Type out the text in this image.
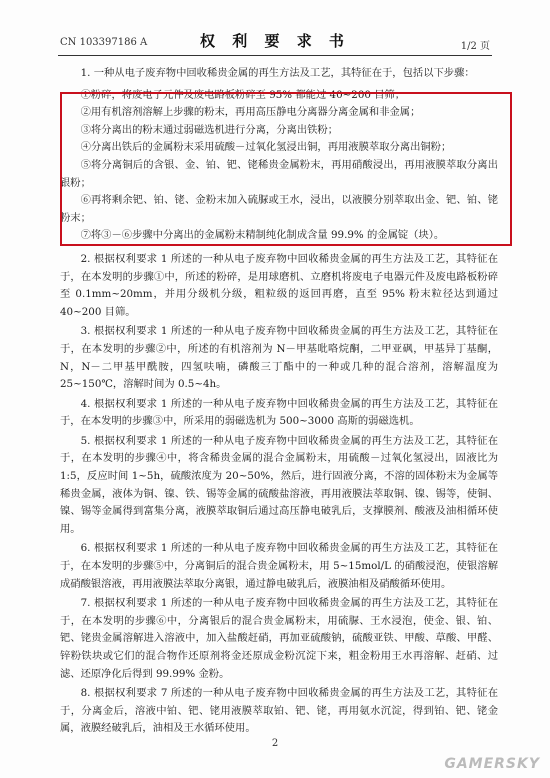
CN 103397186 A	权 利 要 求 书	1/2 页

1. 一种从电子废弃物中回收稀贵金属的再生方法及工艺，其特征在于，包括以下步骤：

①粉碎，将废电子元件及废电路板粉碎至 95% 都能过 40~200 目筛；

②用有机溶剂溶解上步骤的粉末，再用高压静电分离器分离金属和非金属；

③将分离出的粉末通过弱磁选机进行分离，分离出铁粉；

④分离出铁后的金属粉末采用硫酸－过氧化氢浸出铜，再用液膜萃取分离出铜粉；

⑤将分离铜后的含银、金、铂、钯、铑稀贵金属粉末，再用硝酸浸出，再用液膜萃取分离出银粉；

⑥再将剩余钯、铂、铑、金粉末加入硫脲或王水，浸出，以液膜分别萃取出金、钯、铂、铑粉末；

⑦将③－⑥步骤中分离出的金属粉末精制纯化制成含量 99.9% 的金属锭（块）。

2. 根据权利要求 1 所述的一种从电子废弃物中回收稀贵金属的再生方法及工艺，其特征在于，在本发明的步骤①中，所述的粉碎，是用球磨机、立磨机将废电子电器元件及废电路板粉碎至 0.1mm~20mm，并用分级机分级，粗粒级的返回再磨，直至 95% 粉末粒径达到通过 40~200 目筛。

3. 根据权利要求 1 所述的一种从电子废弃物中回收稀贵金属的再生方法及工艺，其特征在于，在本发明的步骤②中，所述的有机溶剂为 N－甲基吡咯烷酮，二甲亚砜，甲基异丁基酮，N，N－二甲基甲酰胺，四氢呋喃，磷酸三丁酯中的一种或几种的混合溶剂，溶解温度为 25~150℃，溶解时间为 0.5~4h。

4. 根据权利要求 1 所述的一种从电子废弃物中回收稀贵金属的再生方法及工艺，其特征在于，在本发明的步骤③中，所采用的弱磁选机为 500~3000 高斯的弱磁选机。

5. 根据权利要求 1 所述的一种从电子废弃物中回收稀贵金属的再生方法及工艺，其特征在于，在本发明的步骤④中，将含稀贵金属的混合金属粉末，用硫酸－过氧化氢浸出，固液比为 1:5，反应时间 1~5h，硫酸浓度为 20~50%，然后，进行固液分离，不溶的固体粉末为金属等稀贵金属，液体为铜、镍、铁、锡等金属的硫酸盐溶液，再用液膜法萃取铜、镍、锡等，使铜、镍、锡等金属得到富集分离，液膜萃取铜后通过高压静电破乳后，支撑膜剂、酸液及油相循环使用。

6. 根据权利要求 1 所述的一种从电子废弃物中回收稀贵金属的再生方法及工艺，其特征在于，在本发明的步骤⑤中，分离铜后的混合贵金属粉末，用 5~15mol/L 的硝酸浸泡，使银溶解成硝酸银溶液，再用液膜法萃取分离银，通过静电破乳后，液膜油相及硝酸循环使用。

7. 根据权利要求 1 所述的一种从电子废弃物中回收稀贵金属的再生方法及工艺，其特征在于，在本发明的步骤⑥中，分离银后的混合贵金属粉末，用硫脲、王水浸泡，使金、银、铂、钯、铑贵金属溶解进入溶液中，加入盐酸赶硝，再加亚硫酸钠，硫酸亚铁、甲酸、草酸、甲醛、锌粉铁块或它们的混合物作还原剂将金还原成金粉沉淀下来，粗金粉用王水再溶解、赶硝、过滤、还原净化后得到 99.99% 金粉。

8. 根据权利要求 7 所述的一种从电子废弃物中回收稀贵金属的再生方法及工艺，其特征在于，分离金后，溶液中铂、钯、铑用液膜萃取铂、钯、铑，再用氨水沉淀，得到铂、钯、铑金属，液膜经破乳后，油相及王水循环使用。

2
GAMERSKY
